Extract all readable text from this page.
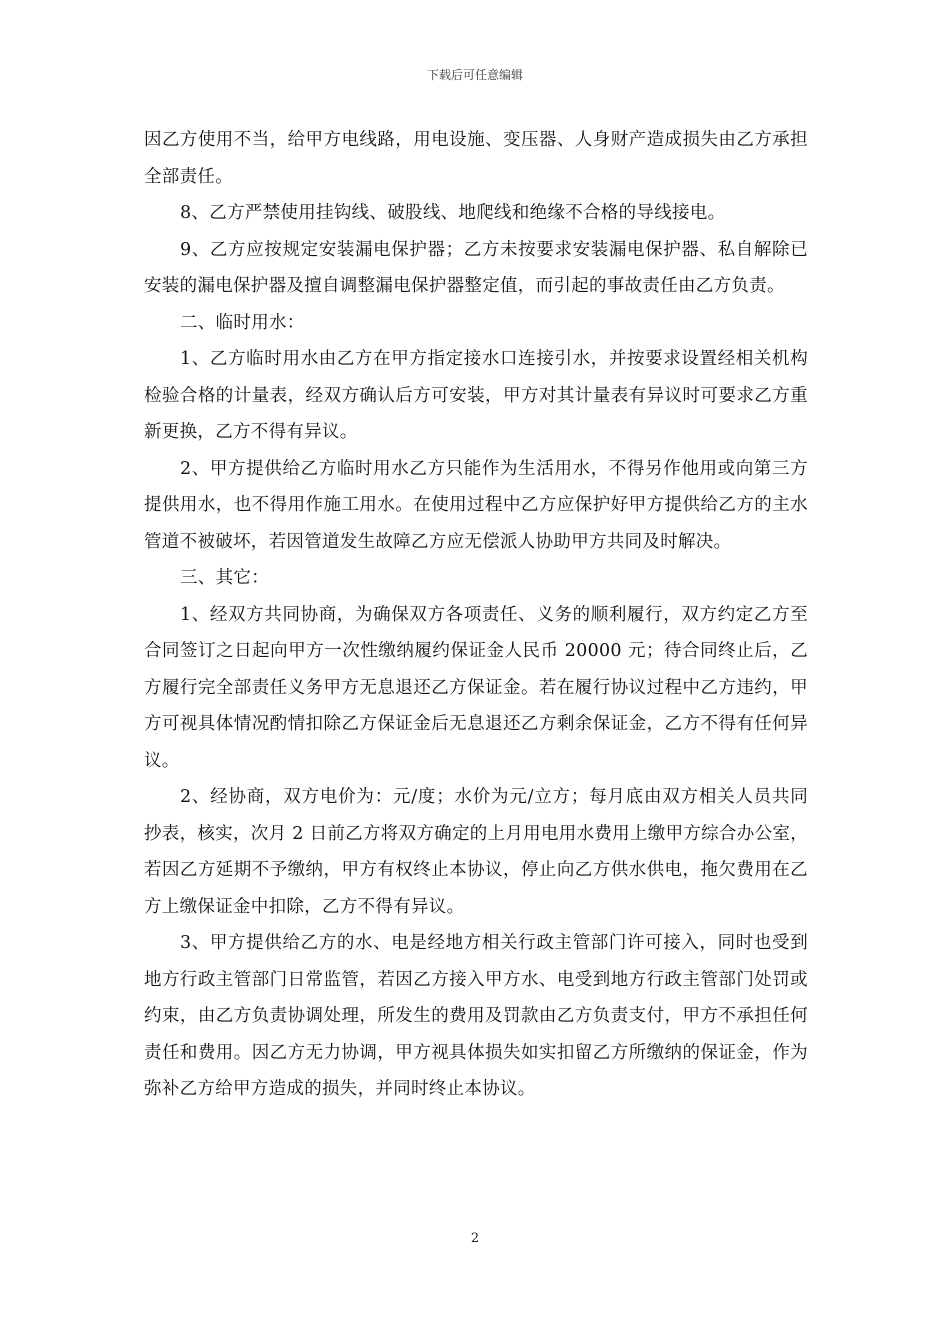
下载后可任意编辑

因乙方使用不当，给甲方电线路，用电设施、变压器、人身财产造成损失由乙方承担全部责任。

8、乙方严禁使用挂钩线、破股线、地爬线和绝缘不合格的导线接电。

9、乙方应按规定安装漏电保护器；乙方未按要求安装漏电保护器、私自解除已安装的漏电保护器及擅自调整漏电保护器整定值，而引起的事故责任由乙方负责。

二、临时用水：

1、乙方临时用水由乙方在甲方指定接水口连接引水，并按要求设置经相关机构检验合格的计量表，经双方确认后方可安装，甲方对其计量表有异议时可要求乙方重新更换，乙方不得有异议。

2、甲方提供给乙方临时用水乙方只能作为生活用水，不得另作他用或向第三方提供用水，也不得用作施工用水。在使用过程中乙方应保护好甲方提供给乙方的主水管道不被破坏，若因管道发生故障乙方应无偿派人协助甲方共同及时解决。

三、其它：

1、经双方共同协商，为确保双方各项责任、义务的顺利履行，双方约定乙方至合同签订之日起向甲方一次性缴纳履约保证金人民币 20000 元；待合同终止后，乙方履行完全部责任义务甲方无息退还乙方保证金。若在履行协议过程中乙方违约，甲方可视具体情况酌情扣除乙方保证金后无息退还乙方剩余保证金，乙方不得有任何异议。

2、经协商，双方电价为：元/度；水价为元/立方；每月底由双方相关人员共同抄表，核实，次月 2 日前乙方将双方确定的上月用电用水费用上缴甲方综合办公室，若因乙方延期不予缴纳，甲方有权终止本协议，停止向乙方供水供电，拖欠费用在乙方上缴保证金中扣除，乙方不得有异议。

3、甲方提供给乙方的水、电是经地方相关行政主管部门许可接入，同时也受到地方行政主管部门日常监管，若因乙方接入甲方水、电受到地方行政主管部门处罚或约束，由乙方负责协调处理，所发生的费用及罚款由乙方负责支付，甲方不承担任何责任和费用。因乙方无力协调，甲方视具体损失如实扣留乙方所缴纳的保证金，作为弥补乙方给甲方造成的损失，并同时终止本协议。

2
